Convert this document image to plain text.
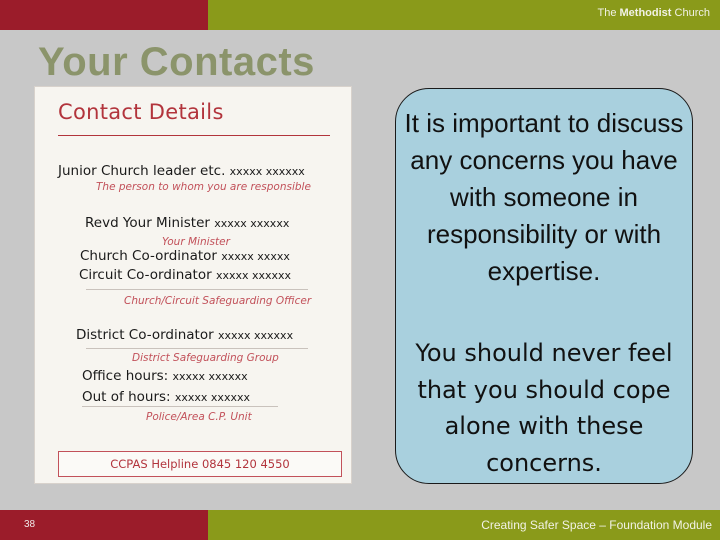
The Methodist Church
Your Contacts
Contact Details
Junior Church leader etc. xxxxx xxxxxx
The person to whom you are responsible
Revd Your Minister xxxxx xxxxxx
Your Minister
Church Co-ordinator xxxxx xxxxx
Circuit Co-ordinator xxxxx xxxxxx
Church/Circuit Safeguarding Officer
District Co-ordinator xxxxx xxxxxx
District Safeguarding Group
Office hours: xxxxx xxxxxx
Out of hours: xxxxx xxxxxx
Police/Area C.P. Unit
CCPAS Helpline 0845 120 4550
It is important to discuss any concerns you have with someone in responsibility or with expertise.
You should never feel that you should cope alone with these concerns.
38	Creating Safer Space – Foundation Module
